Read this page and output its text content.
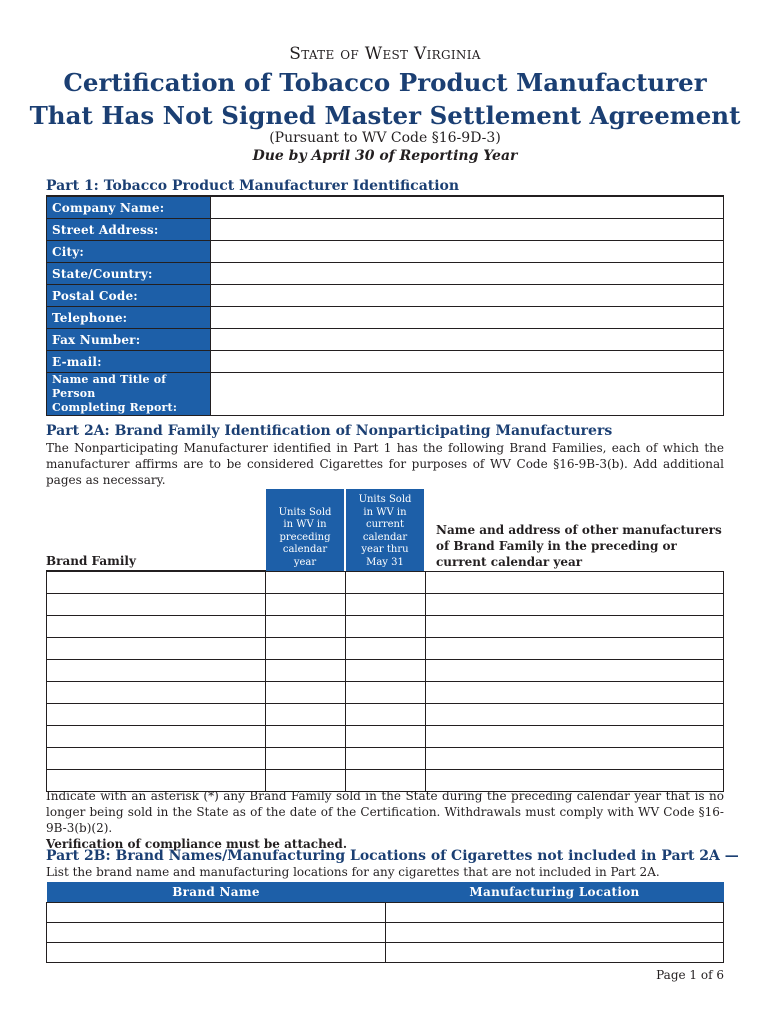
State of West Virginia
Certification of Tobacco Product Manufacturer
That Has Not Signed Master Settlement Agreement
(Pursuant to WV Code §16-9D-3)
Due by April 30 of Reporting Year
Part 1: Tobacco Product Manufacturer Identification
Company Name:	
Street Address:	
City:	
State/Country:	
Postal Code:	
Telephone:	
Fax Number:	
E-mail:	

Name and Title of Person
Completing Report:	

Part 2A: Brand Family Identification of Nonparticipating Manufacturers
The Nonparticipating Manufacturer identified in Part 1 has the following Brand Families, each of which the manufacturer affirms are to be considered Cigarettes for purposes of WV Code §16-9B-3(b). Add additional pages as necessary.
Brand Family
Units Sold
in WV in
preceding
calendar
year
Units Sold
in WV in
current
calendar
year thru
May 31
Name and address of other manufacturers of Brand Family in the preceding or current calendar year

Indicate with an asterisk (*) any Brand Family sold in the State during the preceding calendar year that is no longer being sold in the State as of the date of the Certification. Withdrawals must comply with WV Code §16-9B-3(b)(2).
Verification of compliance must be attached.
Part 2B: Brand Names/Manufacturing Locations of Cigarettes not included in Part 2A —
List the brand name and manufacturing locations for any cigarettes that are not included in Part 2A.
Brand Name	Manufacturing Location

Page 1 of 6
